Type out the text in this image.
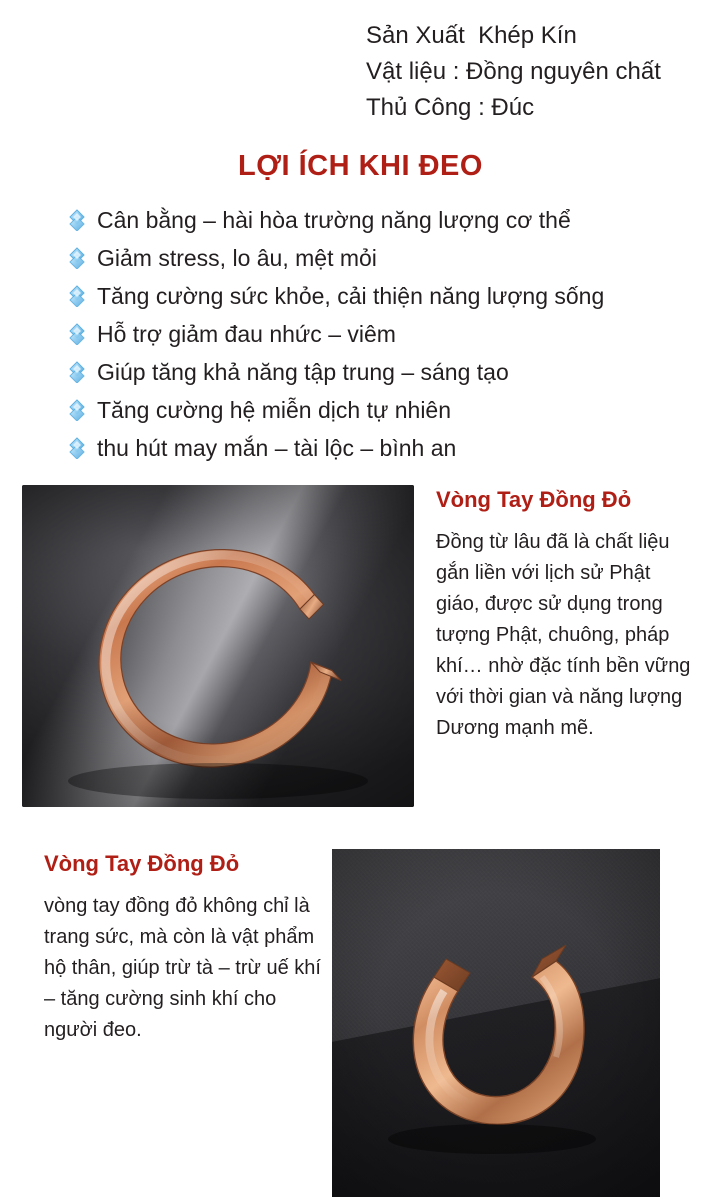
Sản Xuất  Khép Kín
Vật liệu : Đồng nguyên chất
Thủ Công : Đúc
LỢI ÍCH KHI ĐEO
Cân bằng – hài hòa trường năng lượng cơ thể
Giảm stress, lo âu, mệt mỏi
Tăng cường sức khỏe, cải thiện năng lượng sống
Hỗ trợ giảm đau nhức – viêm
Giúp tăng khả năng tập trung – sáng tạo
Tăng cường hệ miễn dịch tự nhiên
thu hút may mắn – tài lộc – bình an
Vòng Tay Đồng Đỏ
Đồng từ lâu đã là chất liệu gắn liền với lịch sử Phật giáo, được sử dụng trong tượng Phật, chuông, pháp khí… nhờ đặc tính bền vững với thời gian và năng lượng Dương mạnh mẽ.
Vòng Tay Đồng Đỏ
vòng tay đồng đỏ không chỉ là trang sức, mà còn là vật phẩm hộ thân, giúp trừ tà – trừ uế khí – tăng cường sinh khí cho người đeo.
